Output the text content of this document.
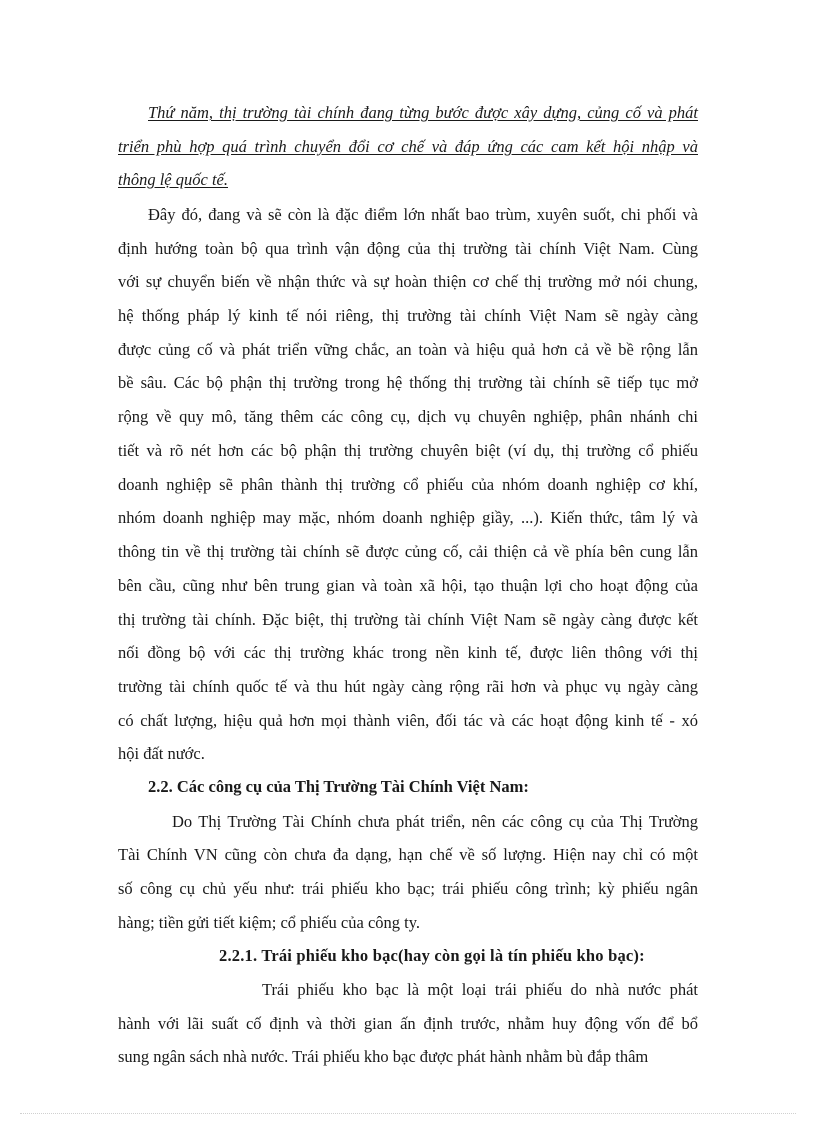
Thứ năm, thị trường tài chính đang từng bước được xây dựng, củng cố và phát
triển phù hợp quá trình chuyển đổi cơ chế và đáp ứng các cam kết hội nhập và
thông lệ quốc tế.
Đây đó, đang và sẽ còn là đặc điểm lớn nhất bao trùm, xuyên suốt, chi phối và
định hướng toàn bộ qua trình vận động của thị trường tài chính Việt Nam. Cùng
với sự chuyển biến về nhận thức và sự hoàn thiện cơ chế thị trường mở nói chung,
hệ thống pháp lý kinh tế nói riêng, thị trường tài chính Việt Nam sẽ ngày càng
được củng cố và phát triển vững chắc, an toàn và hiệu quả hơn cả về bề rộng lẫn
bề sâu. Các bộ phận thị trường trong hệ thống thị trường tài chính sẽ tiếp tục mở
rộng về quy mô, tăng thêm các công cụ, dịch vụ chuyên nghiệp, phân nhánh chi
tiết và rõ nét hơn các bộ phận thị trường chuyên biệt (ví dụ, thị trường cổ phiếu
doanh nghiệp sẽ phân thành thị trường cổ phiếu của nhóm doanh nghiệp cơ khí,
nhóm doanh nghiệp may mặc, nhóm doanh nghiệp giầy, ...). Kiến thức, tâm lý và
thông tin về thị trường tài chính sẽ được củng cố, cải thiện cả về phía bên cung lẫn
bên cầu, cũng như bên trung gian và toàn xã hội, tạo thuận lợi cho hoạt động của
thị trường tài chính. Đặc biệt, thị trường tài chính Việt Nam sẽ ngày càng được kết
nối đồng bộ với các thị trường khác trong nền kinh tế, được liên thông với thị
trường tài chính quốc tế và thu hút ngày càng rộng rãi hơn và phục vụ ngày càng
có chất lượng, hiệu quả hơn mọi thành viên, đối tác và các hoạt động kinh tế - xó
hội đất nước.
2.2. Các công cụ của Thị Trường Tài Chính Việt Nam:
Do Thị Trường Tài Chính chưa phát triển, nên các công cụ của Thị Trường
Tài Chính VN cũng còn chưa đa dạng, hạn chế về số lượng. Hiện nay chỉ có một
số công cụ chủ yếu như: trái phiếu kho bạc; trái phiếu công trình; kỳ phiếu ngân
hàng; tiền gửi tiết kiệm; cổ phiếu của công ty.
2.2.1. Trái phiếu kho bạc(hay còn gọi là tín phiếu kho bạc):
Trái phiếu kho bạc là một loại trái phiếu do nhà nước phát
hành với lãi suất cố định và thời gian ấn định trước, nhằm huy động vốn để bổ
sung ngân sách nhà nước. Trái phiếu kho bạc được phát hành nhằm bù đắp thâm
